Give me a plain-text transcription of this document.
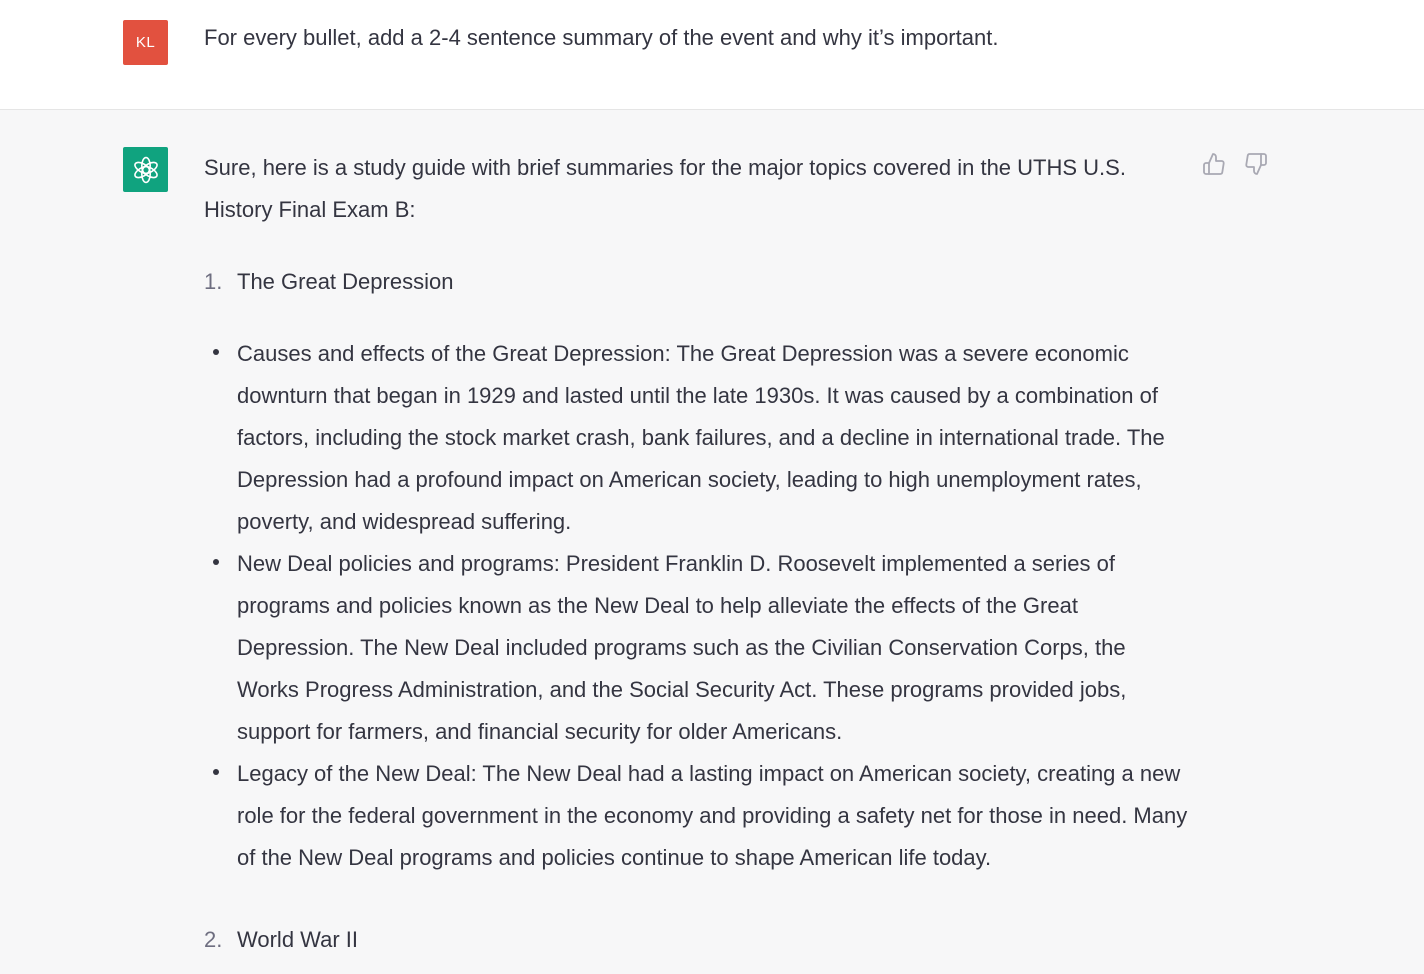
KL	For every bullet, add a 2-4 sentence summary of the event and why it’s important.

Sure, here is a study guide with brief summaries for the major topics covered in the UTHS U.S. History Final Exam B:

1. The Great Depression
Causes and effects of the Great Depression: The Great Depression was a severe economic downturn that began in 1929 and lasted until the late 1930s. It was caused by a combination of factors, including the stock market crash, bank failures, and a decline in international trade. The Depression had a profound impact on American society, leading to high unemployment rates, poverty, and widespread suffering.
New Deal policies and programs: President Franklin D. Roosevelt implemented a series of programs and policies known as the New Deal to help alleviate the effects of the Great Depression. The New Deal included programs such as the Civilian Conservation Corps, the Works Progress Administration, and the Social Security Act. These programs provided jobs, support for farmers, and financial security for older Americans.
Legacy of the New Deal: The New Deal had a lasting impact on American society, creating a new role for the federal government in the economy and providing a safety net for those in need. Many of the New Deal programs and policies continue to shape American life today.
2. World War II
